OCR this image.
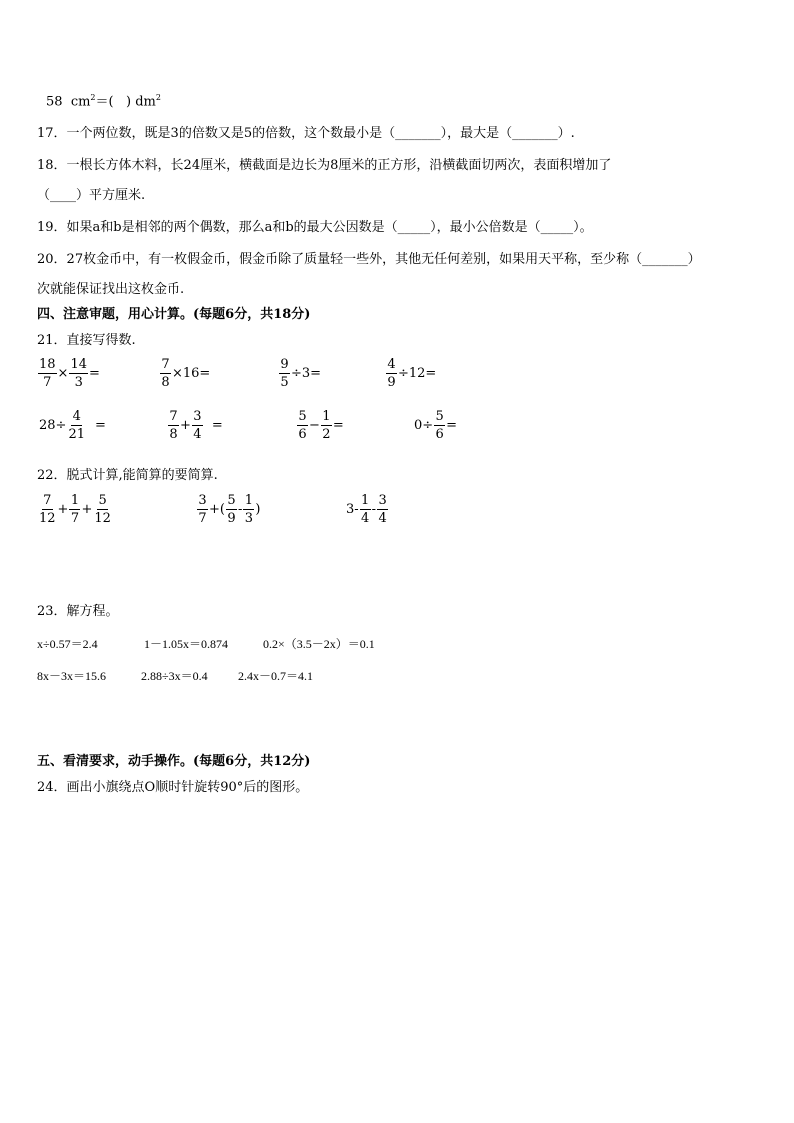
58 $cm^2=$( ) $dm^2$
17．一个两位数，既是3的倍数又是5的倍数，这个数最小是（_______），最大是（_______）.
18．一根长方体木料，长24厘米，横截面是边长为8厘米的正方形，沿横截面切两次，表面积增加了
（____）平方厘米.
19．如果a和b是相邻的两个偶数，那么a和b的最大公因数是（_____），最小公倍数是（_____）。
20．27枚金币中，有一枚假金币，假金币除了质量轻一些外，其他无任何差别，如果用天平称，至少称（_______）
次就能保证找出这枚金币.
四、注意审题，用心计算。(每题6分，共18分)
21．直接写得数.
$\frac{18}{7} \times \frac{14}{3}$ =	$\frac{7}{8} \times 16=$	$\frac{9}{5} \div 3=$	$\frac{4}{9} \div 12=$
$28\div \frac{4}{21}$ =	$\frac{7}{8} + \frac{3}{4}$ =	$\frac{5}{6} - \frac{1}{2}$ =	$0\div \frac{5}{6}$ =
22．脱式计算,能简算的要简算.
$\frac{7}{12} + \frac{1}{7} + \frac{5}{12}$	$\frac{3}{7}$ +( $\frac{5}{9} - \frac{1}{3}$ )	$3- \frac{1}{4} - \frac{3}{4}$
23．解方程。
x÷0.57＝2.4	1－1.05x＝0.874	0.2×（3.5－2x）＝0.1
8x－3x＝15.6	2.88÷3x＝0.4	2.4x－0.7＝4.1
五、看清要求，动手操作。(每题6分，共12分)
24．画出小旗绕点O顺时针旋转90°后的图形。
